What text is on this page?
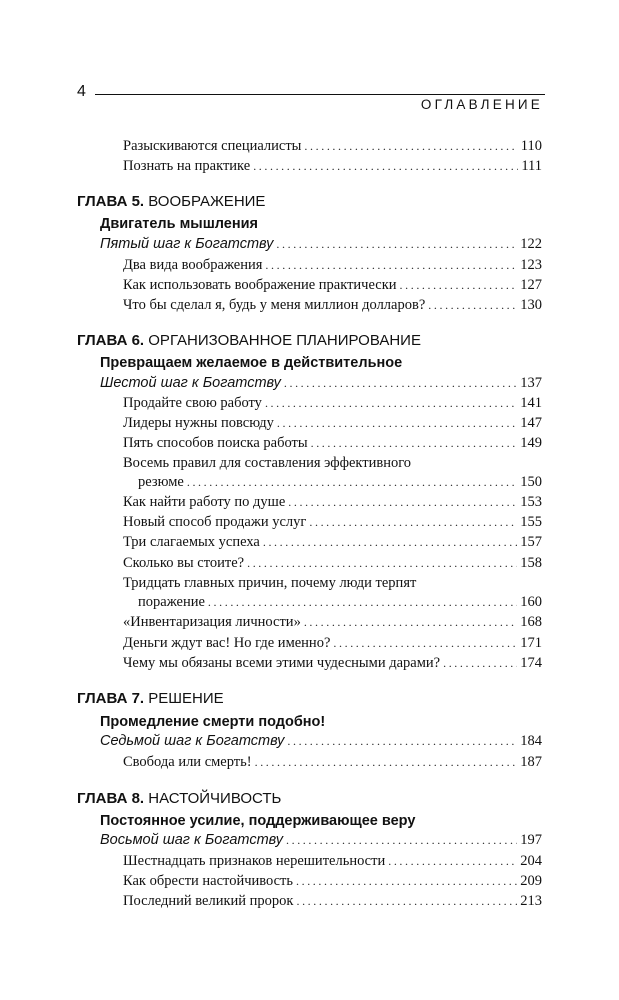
4
ОГЛАВЛЕНИЕ
Разыскиваются специалисты .....	110
Познать на практике .....	111
ГЛАВА 5. ВООБРАЖЕНИЕ
Двигатель мышления
Пятый шаг к Богатству .....	122
Два вида воображения .....	123
Как использовать воображение практически .....	127
Что бы сделал я, будь у меня миллион долларов? .....	130
ГЛАВА 6. ОРГАНИЗОВАННОЕ ПЛАНИРОВАНИЕ
Превращаем желаемое в действительное
Шестой шаг к Богатству .....	137
Продайте свою работу .....	141
Лидеры нужны повсюду .....	147
Пять способов поиска работы .....	149
Восемь правил для составления эффективного
резюме .....	150
Как найти работу по душе .....	153
Новый способ продажи услуг .....	155
Три слагаемых успеха .....	157
Сколько вы стоите? .....	158
Тридцать главных причин, почему люди терпят
поражение .....	160
«Инвентаризация личности» .....	168
Деньги ждут вас! Но где именно? .....	171
Чему мы обязаны всеми этими чудесными дарами? .....	174
ГЛАВА 7. РЕШЕНИЕ
Промедление смерти подобно!
Седьмой шаг к Богатству .....	184
Свобода или смерть! .....	187
ГЛАВА 8. НАСТОЙЧИВОСТЬ
Постоянное усилие, поддерживающее веру
Восьмой шаг к Богатству .....	197
Шестнадцать признаков нерешительности .....	204
Как обрести настойчивость .....	209
Последний великий пророк .....	213
